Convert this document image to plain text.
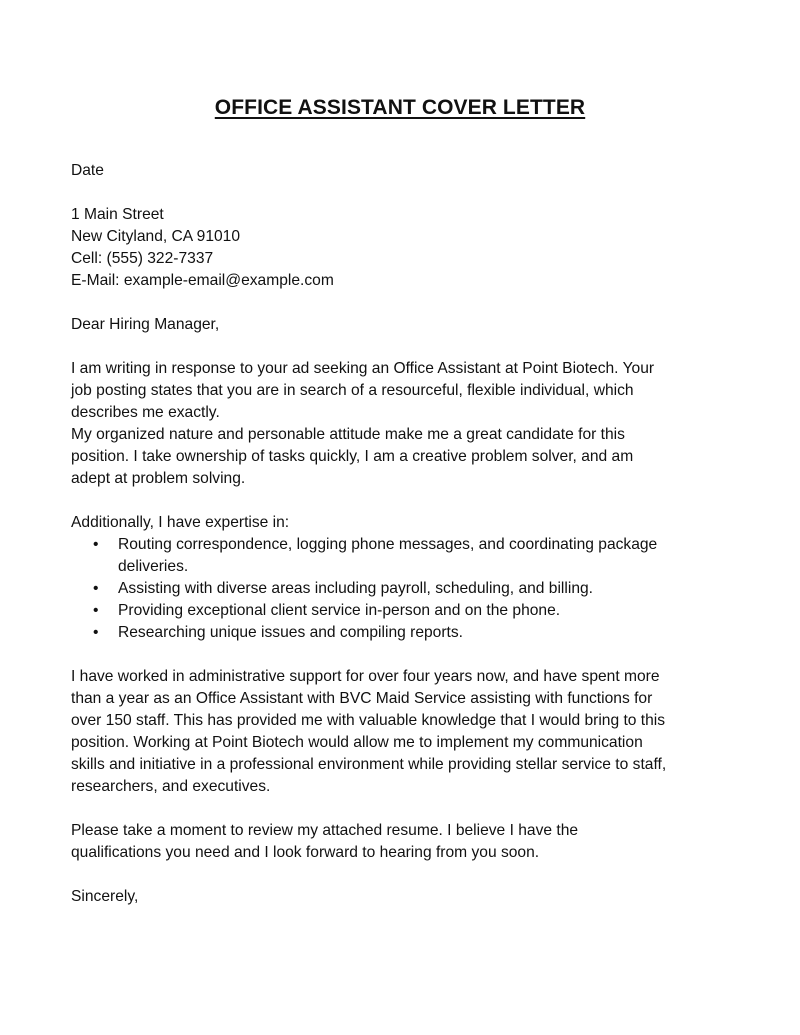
OFFICE ASSISTANT COVER LETTER
Date
1 Main Street
New Cityland, CA 91010
Cell: (555) 322-7337
E-Mail: example-email@example.com
Dear Hiring Manager,
I am writing in response to your ad seeking an Office Assistant at Point Biotech. Your
job posting states that you are in search of a resourceful, flexible individual, which
describes me exactly.
My organized nature and personable attitude make me a great candidate for this
position. I take ownership of tasks quickly, I am a creative problem solver, and am
adept at problem solving.
Additionally, I have expertise in:
• Routing correspondence, logging phone messages, and coordinating package
deliveries.
• Assisting with diverse areas including payroll, scheduling, and billing.
• Providing exceptional client service in-person and on the phone.
• Researching unique issues and compiling reports.
I have worked in administrative support for over four years now, and have spent more
than a year as an Office Assistant with BVC Maid Service assisting with functions for
over 150 staff. This has provided me with valuable knowledge that I would bring to this
position. Working at Point Biotech would allow me to implement my communication
skills and initiative in a professional environment while providing stellar service to staff,
researchers, and executives.
Please take a moment to review my attached resume. I believe I have the
qualifications you need and I look forward to hearing from you soon.
Sincerely,
